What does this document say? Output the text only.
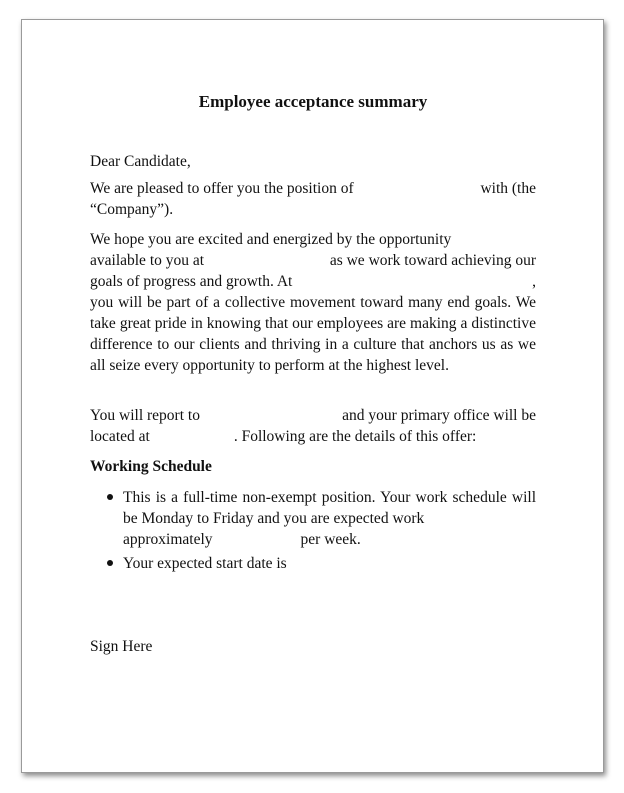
Employee acceptance summary

Dear Candidate,

We are pleased to offer you the position of	with (the
“Company”).
We hope you are excited and energized by the opportunity
available to you at	as we work toward achieving our
goals of progress and growth. At	,

you will be part of a collective movement toward many end goals. We take great pride in knowing that our employees are making a distinctive difference to our clients and thriving in a culture that anchors us as we all seize every opportunity to perform at the highest level.

You will report to	and your primary office will be
located at	. Following are the details of this offer:

Working Schedule

This is a full-time non-exempt position. Your work schedule will be Monday to Friday and you are expected work

approximately	per week.
Your expected start date is

Sign Here
